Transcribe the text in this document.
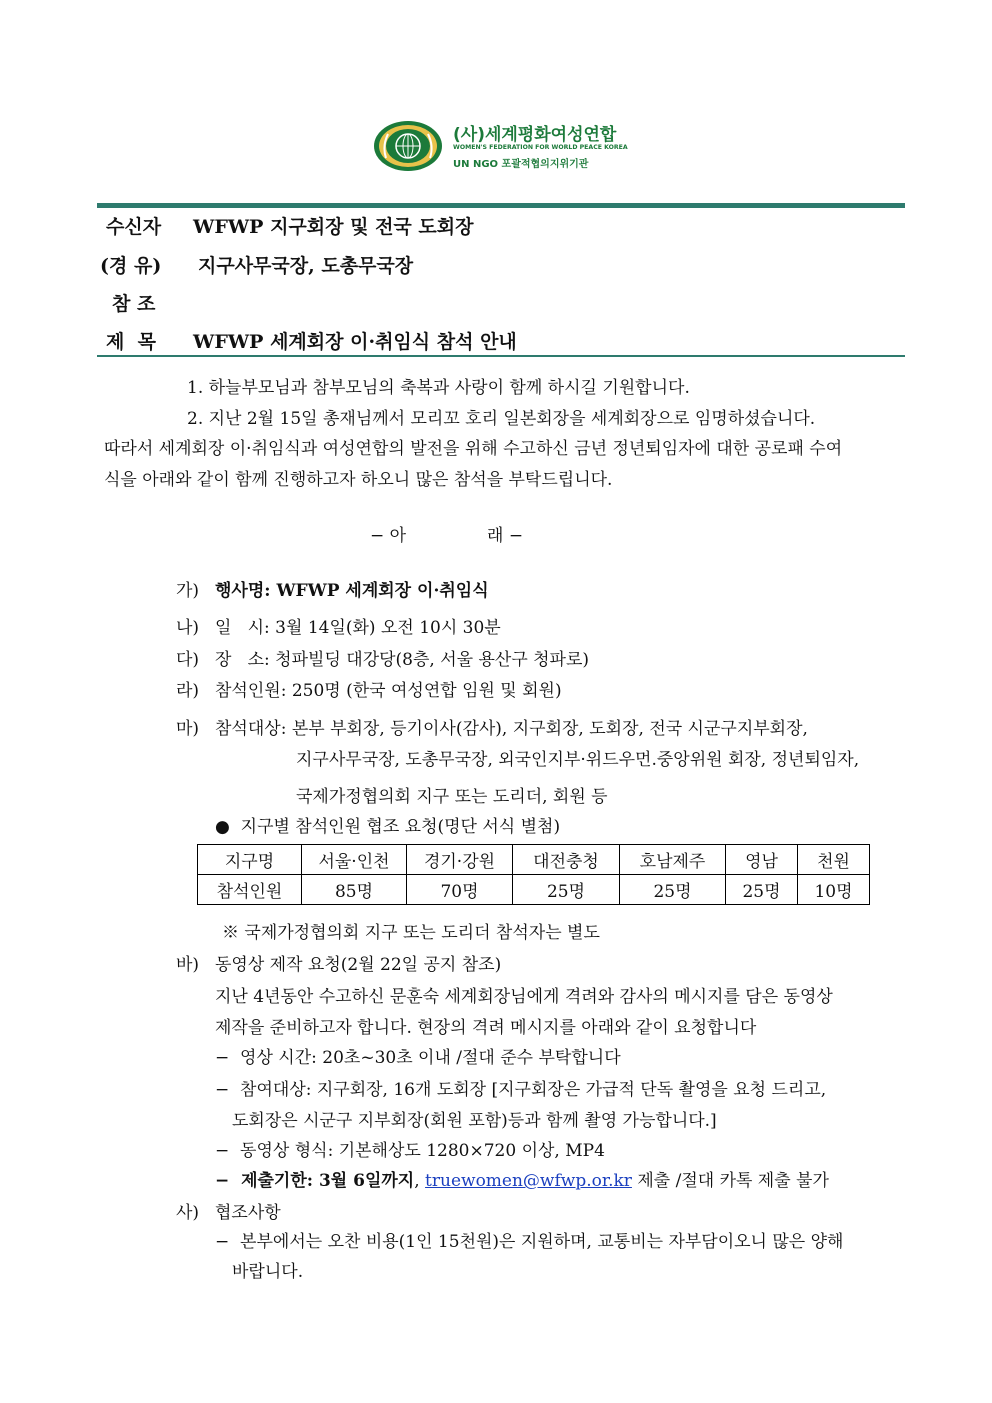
(사)세계평화여성연합
WOMEN'S FEDERATION FOR WORLD PEACE KOREA
UN NGO 포괄적협의지위기관
수신자 WFWP 지구회장 및 전국 도회장
(경 유) 지구사무국장, 도총무국장
참 조
제  목 WFWP 세계회장 이·취임식 참석 안내
1. 하늘부모님과 참부모님의 축복과 사랑이 함께 하시길 기원합니다.
2. 지난 2월 15일 총재님께서 모리꼬 호리 일본회장을 세계회장으로 임명하셨습니다.
따라서 세계회장 이·취임식과 여성연합의 발전을 위해 수고하신 금년 정년퇴임자에 대한 공로패 수여
식을 아래와 같이 함께 진행하고자 하오니 많은 참석을 부탁드립니다.
− 아	래 −
가) 행사명: WFWP 세계회장 이·취임식
나) 일   시: 3월 14일(화) 오전 10시 30분
다) 장   소: 청파빌딩 대강당(8층, 서울 용산구 청파로)
라) 참석인원: 250명 (한국 여성연합 임원 및 회원)
마) 참석대상: 본부 부회장, 등기이사(감사), 지구회장, 도회장, 전국 시군구지부회장,
지구사무국장, 도총무국장, 외국인지부·위드우먼.중앙위원 회장, 정년퇴임자,
국제가정협의회 지구 또는 도리더, 회원 등
●  지구별 참석인원 협조 요청(명단 서식 별첨)
지구명	서울·인천	경기·강원	대전충청	호남제주	영남	천원
참석인원	85명	70명	25명	25명	25명	10명
※ 국제가정협의회 지구 또는 도리더 참석자는 별도
바) 동영상 제작 요청(2월 22일 공지 참조)
지난 4년동안 수고하신 문훈숙 세계회장님에게 격려와 감사의 메시지를 담은 동영상
제작을 준비하고자 합니다. 현장의 격려 메시지를 아래와 같이 요청합니다
−  영상 시간: 20초~30초 이내 /절대 준수 부탁합니다
−  참여대상: 지구회장, 16개 도회장 [지구회장은 가급적 단독 촬영을 요청 드리고,
도회장은 시군구 지부회장(회원 포함)등과 함께 촬영 가능합니다.]
−  동영상 형식: 기본해상도 1280×720 이상, MP4
−  제출기한: 3월 6일까지, truewomen@wfwp.or.kr 제출 /절대 카톡 제출 불가
사) 협조사항
−  본부에서는 오찬 비용(1인 15천원)은 지원하며, 교통비는 자부담이오니 많은 양해
바랍니다.
